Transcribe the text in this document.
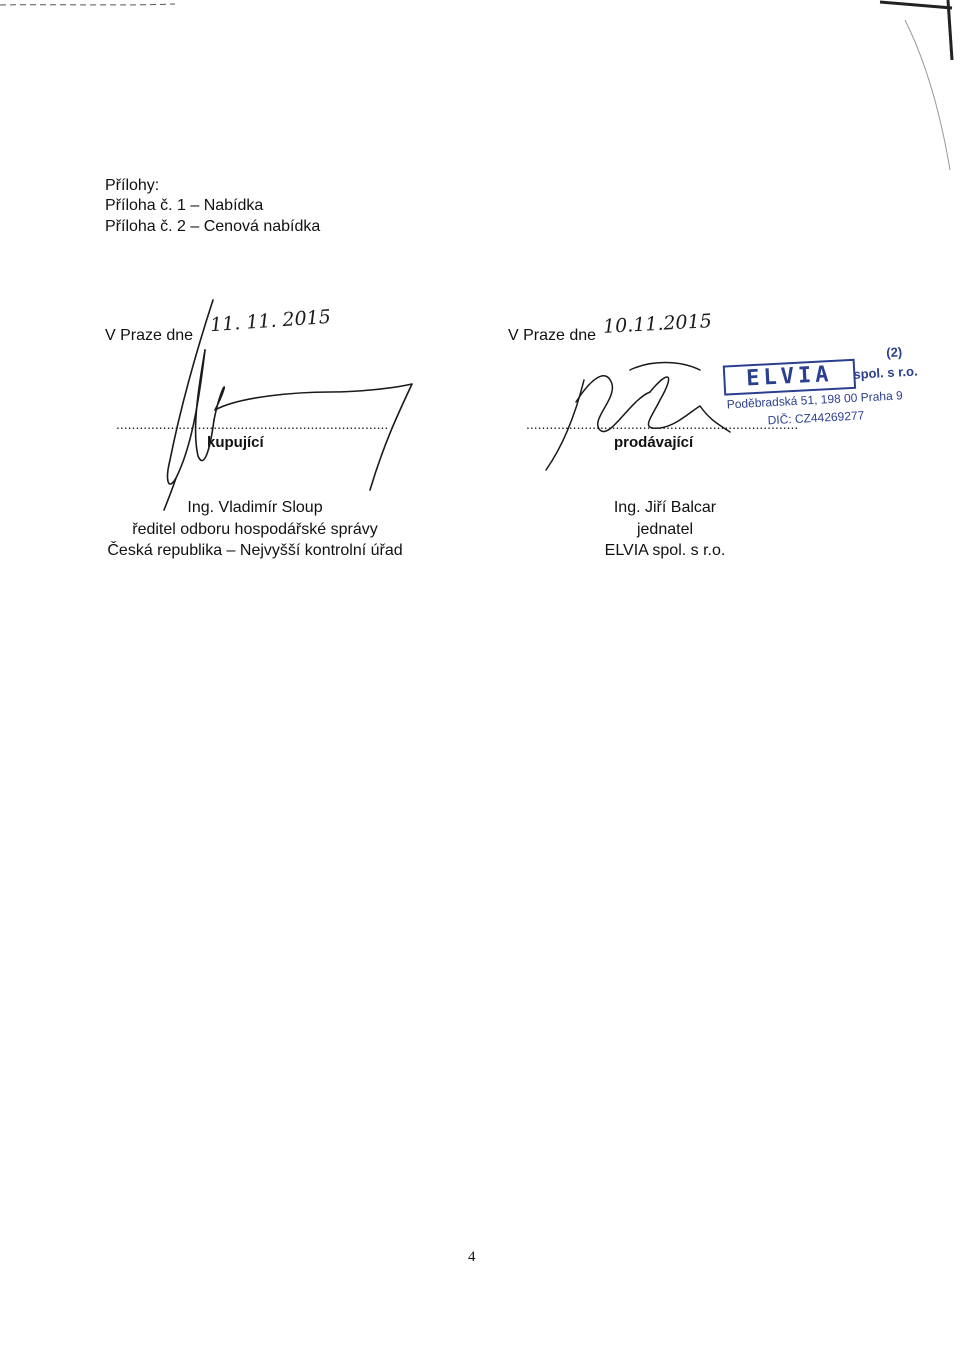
Přílohy:
Příloha č. 1 – Nabídka
Příloha č. 2 – Cenová nabídka
V Praze dne 11. 11. 2015
......................................................................
kupující
Ing. Vladimír Sloup
ředitel odboru hospodářské správy
Česká republika – Nejvyšší kontrolní úřad
V Praze dne 10.11.2015
......................................................................
prodávající
Ing. Jiří Balcar
jednatel
ELVIA spol. s r.o.
ELVIA
(2)
spol. s r.o.
Poděbradská 51, 198 00 Praha 9
DIČ: CZ44269277
4
